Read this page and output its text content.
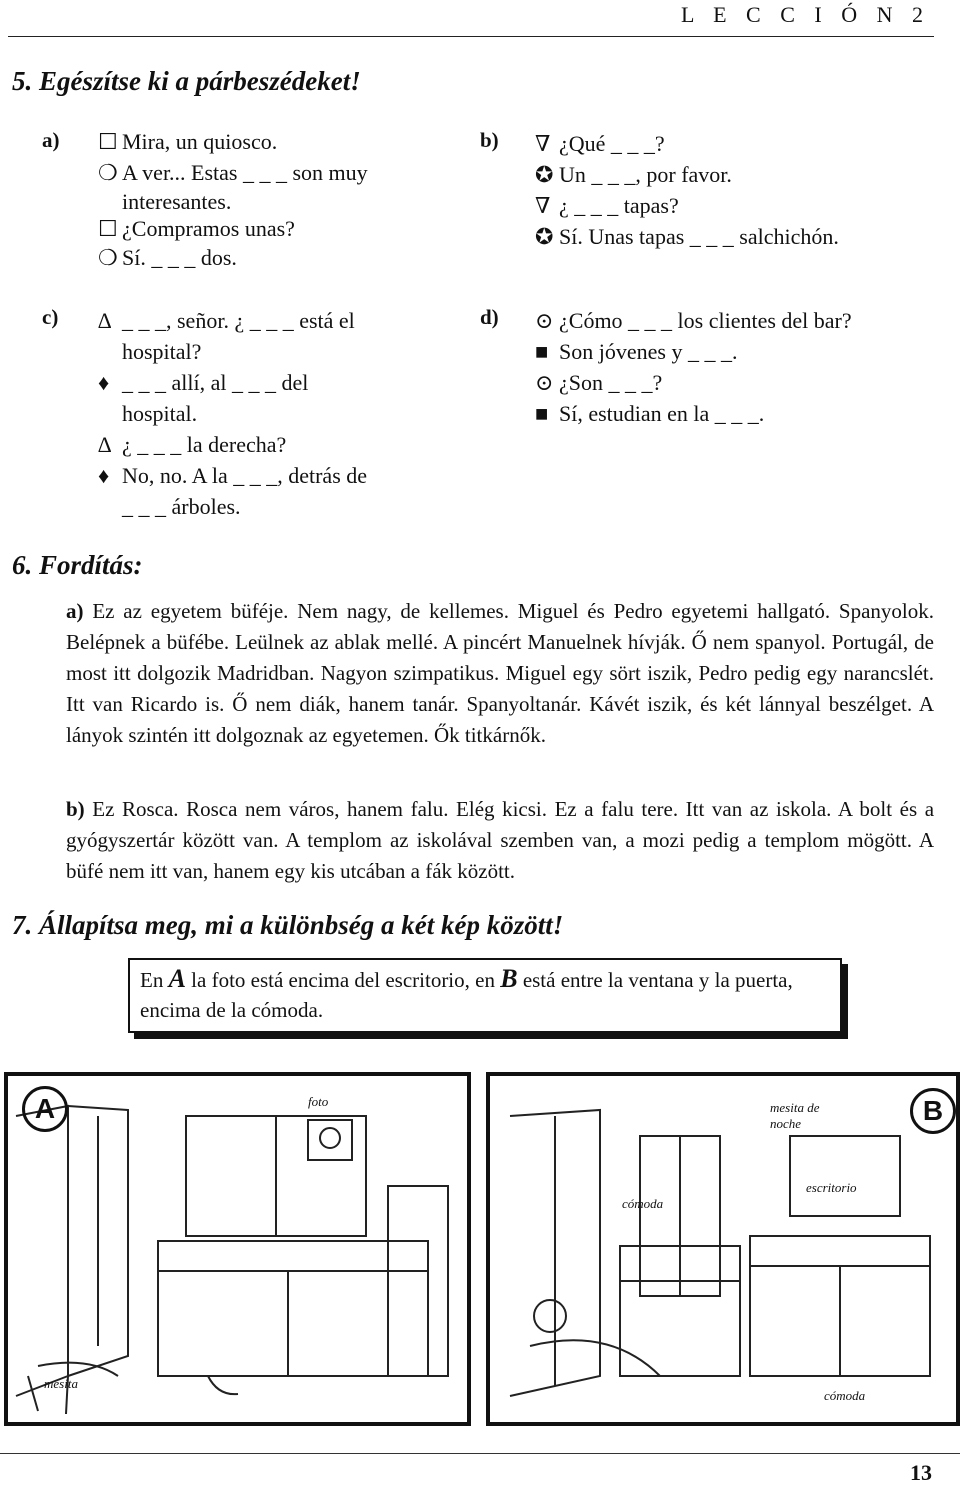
L E C C I Ó N 2
5. Egészítse ki a párbeszédeket!
a) ☐ Mira, un quiosco.
❍ A ver... Estas _ _ _ son muy
interesantes.
☐ ¿Compramos unas?
❍ Sí. _ _ _ dos.
b) ∇ ¿Qué _ _ _?
✪ Un _ _ _, por favor.
∇ ¿ _ _ _ tapas?
✪ Sí. Unas tapas _ _ _ salchichón.
c) ∆ _ _ _, señor. ¿ _ _ _ está el
hospital?
♦ _ _ _ allí, al _ _ _ del
hospital.
∆ ¿ _ _ _ la derecha?
♦ No, no. A la _ _ _, detrás de
_ _ _ árboles.
d) ⊙ ¿Cómo _ _ _ los clientes del bar?
■ Son jóvenes y _ _ _.
⊙ ¿Son _ _ _?
■ Sí, estudian en la _ _ _.
6. Fordítás:
a) Ez az egyetem büféje. Nem nagy, de kellemes. Miguel és Pedro egyetemi hallgató. Spanyolok. Belépnek a büfébe. Leülnek az ablak mellé. A pincért Manuelnek hívják. Ő nem spanyol. Portugál, de most itt dolgozik Madridban. Nagyon szimpatikus. Miguel egy sört iszik, Pedro pedig egy narancslét. Itt van Ricardo is. Ő nem diák, hanem tanár. Spanyoltanár. Kávét iszik, és két lánnyal beszélget. A lányok szintén itt dolgoznak az egyetemen. Ők titkárnők.
b) Ez Rosca. Rosca nem város, hanem falu. Elég kicsi. Ez a falu tere. Itt van az iskola. A bolt és a gyógyszertár között van. A templom az iskolával szemben van, a mozi pedig a templom mögött. A büfé nem itt van, hanem egy kis utcában a fák között.
7. Állapítsa meg, mi a különbség a két kép között!
En A la foto está encima del escritorio, en B está entre la ventana y la puerta, encima de la cómoda.
A	foto
mesita
B
mesita de noche
cómoda
escritorio
cómoda
13
